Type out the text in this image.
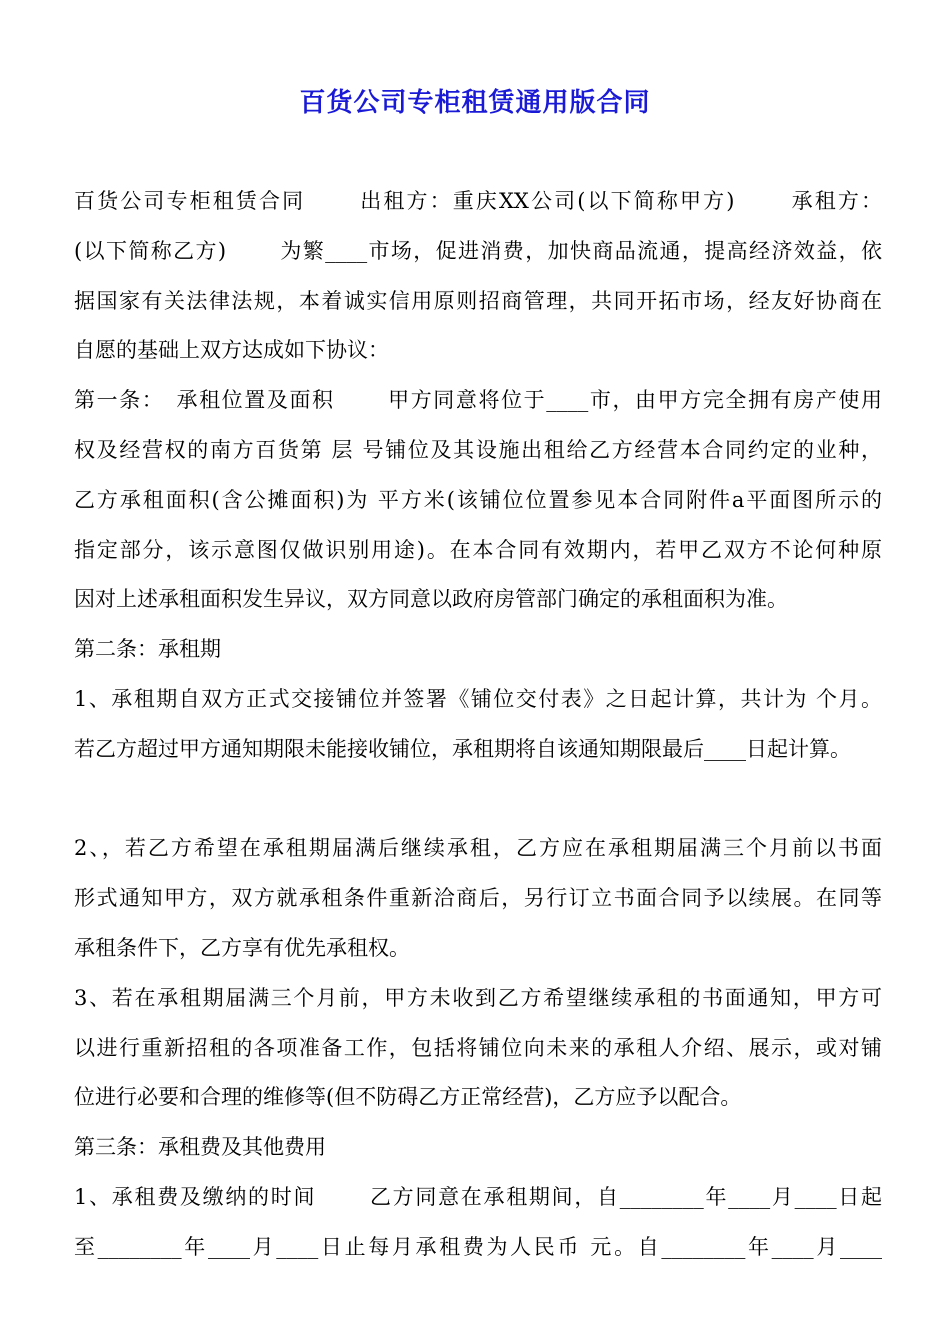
百货公司专柜租赁通用版合同
百货公司专柜租赁合同　　 出租方：重庆XX公司(以下简称甲方)　　 承租方：
(以下简称乙方)　　 为繁____市场，促进消费，加快商品流通，提高经济效益，依
据国家有关法律法规，本着诚实信用原则招商管理，共同开拓市场，经友好协商在
自愿的基础上双方达成如下协议：
第一条：　承租位置及面积　　 甲方同意将位于____市，由甲方完全拥有房产使用
权及经营权的南方百货第 层 号铺位及其设施出租给乙方经营本合同约定的业种，
乙方承租面积(含公摊面积)为 平方米(该铺位位置参见本合同附件a平面图所示的
指定部分，该示意图仅做识别用途)。在本合同有效期内，若甲乙双方不论何种原
因对上述承租面积发生异议，双方同意以政府房管部门确定的承租面积为准。
第二条：承租期
1、承租期自双方正式交接铺位并签署《铺位交付表》之日起计算，共计为 个月。
若乙方超过甲方通知期限未能接收铺位，承租期将自该通知期限最后____日起计算。
2、，若乙方希望在承租期届满后继续承租，乙方应在承租期届满三个月前以书面
形式通知甲方，双方就承租条件重新洽商后，另行订立书面合同予以续展。在同等
承租条件下，乙方享有优先承租权。
3、若在承租期届满三个月前，甲方未收到乙方希望继续承租的书面通知，甲方可
以进行重新招租的各项准备工作，包括将铺位向未来的承租人介绍、展示，或对铺
位进行必要和合理的维修等(但不防碍乙方正常经营)，乙方应予以配合。
第三条：承租费及其他费用
1、承租费及缴纳的时间　　 乙方同意在承租期间，自________年____月____日起
至________年____月____日止每月承租费为人民币 元。自________年____月____
